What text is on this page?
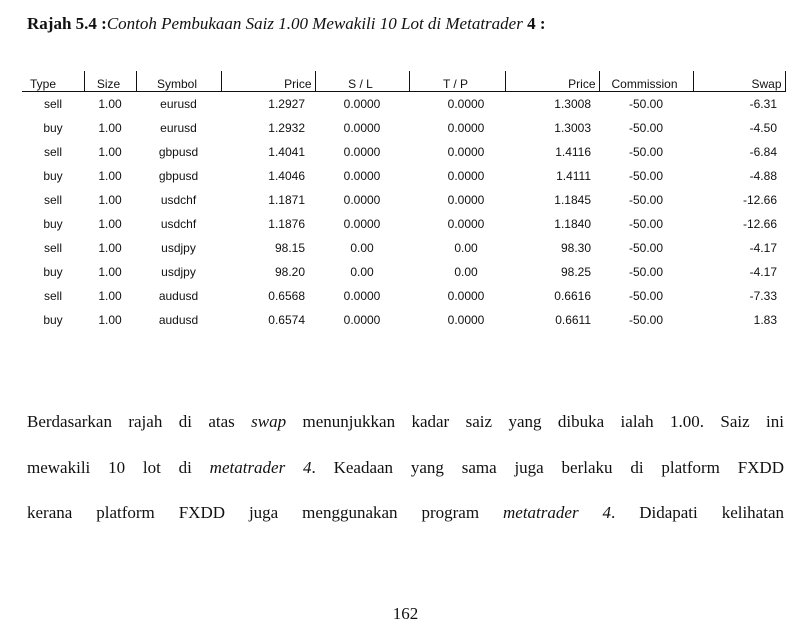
Rajah 5.4 :Contoh Pembukaan Saiz 1.00 Mewakili 10 Lot di Metatrader 4 :
Type	Size	Symbol	Price	S / L	T / P	Price	Commission	Swap
sell	1.00	eurusd	1.2927	0.0000	0.0000	1.3008	-50.00	-6.31
buy	1.00	eurusd	1.2932	0.0000	0.0000	1.3003	-50.00	-4.50
sell	1.00	gbpusd	1.4041	0.0000	0.0000	1.4116	-50.00	-6.84
buy	1.00	gbpusd	1.4046	0.0000	0.0000	1.4111	-50.00	-4.88
sell	1.00	usdchf	1.1871	0.0000	0.0000	1.1845	-50.00	-12.66
buy	1.00	usdchf	1.1876	0.0000	0.0000	1.1840	-50.00	-12.66
sell	1.00	usdjpy	98.15	0.00	0.00	98.30	-50.00	-4.17
buy	1.00	usdjpy	98.20	0.00	0.00	98.25	-50.00	-4.17
sell	1.00	audusd	0.6568	0.0000	0.0000	0.6616	-50.00	-7.33
buy	1.00	audusd	0.6574	0.0000	0.0000	0.6611	-50.00	1.83
Berdasarkan rajah di atas swap menunjukkan kadar saiz yang dibuka ialah 1.00. Saiz ini
mewakili 10 lot di metatrader 4. Keadaan yang sama juga berlaku di platform FXDD
kerana platform FXDD juga menggunakan program metatrader 4. Didapati kelihatan
162
